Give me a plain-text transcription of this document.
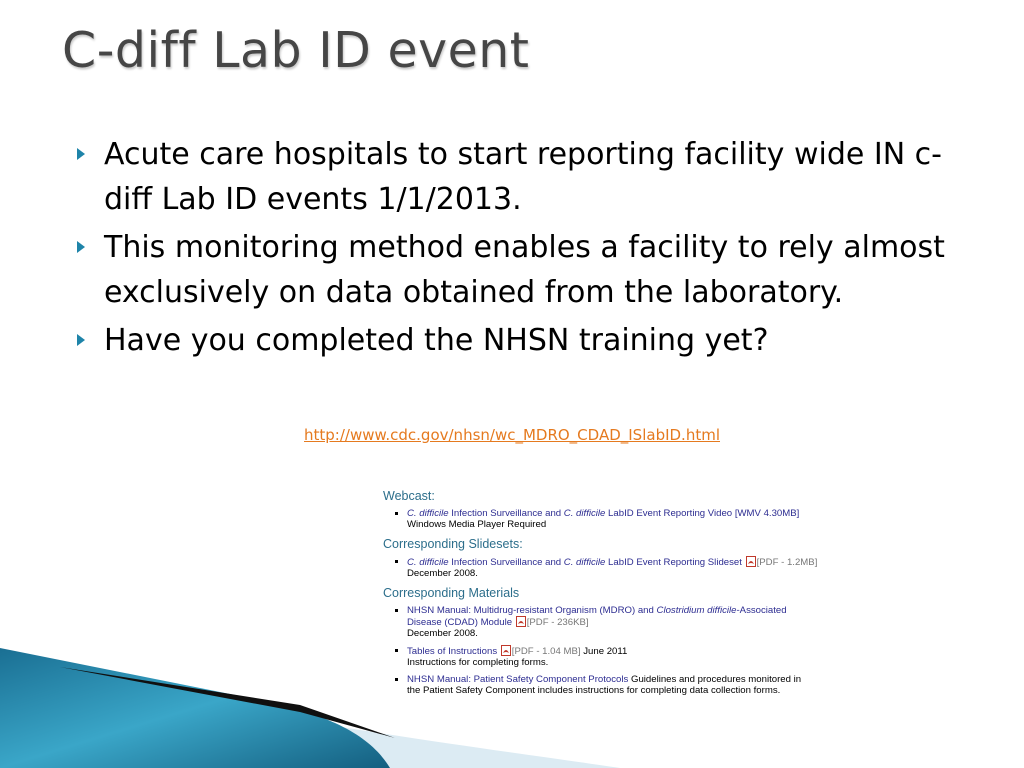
C-diff Lab ID event
Acute care hospitals to start reporting facility wide IN c-diff Lab ID events 1/1/2013.
This monitoring method enables a facility to rely almost exclusively on data obtained from the laboratory.
Have you completed the NHSN training yet?
http://www.cdc.gov/nhsn/wc_MDRO_CDAD_ISlabID.html
Webcast:
C. difficile Infection Surveillance and C. difficile LabID Event Reporting Video [WMV 4.30MB]
Windows Media Player Required
Corresponding Slidesets:
C. difficile Infection Surveillance and C. difficile LabID Event Reporting Slideset [PDF - 1.2MB]
December 2008.
Corresponding Materials
NHSN Manual: Multidrug-resistant Organism (MDRO) and Clostridium difficile-Associated
Disease (CDAD) Module [PDF - 236KB]
December 2008.
Tables of Instructions [PDF - 1.04 MB] June 2011
Instructions for completing forms.
NHSN Manual: Patient Safety Component Protocols Guidelines and procedures monitored in
the Patient Safety Component includes instructions for completing data collection forms.
